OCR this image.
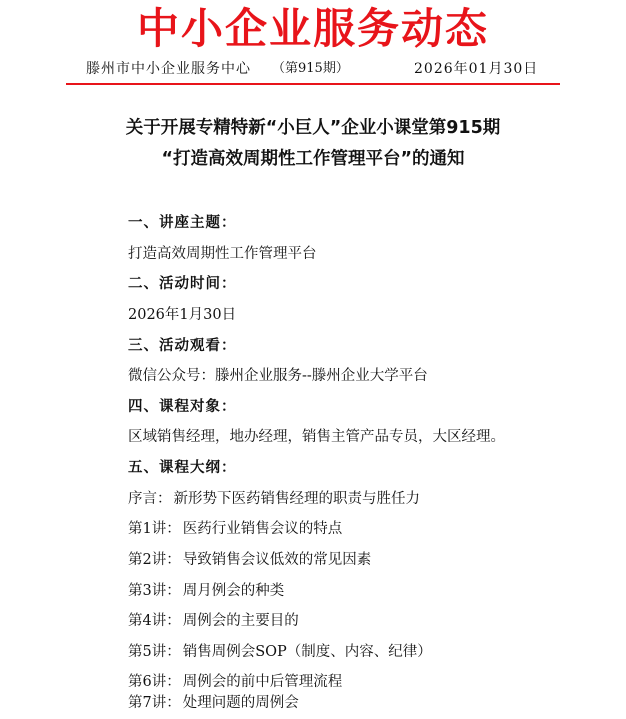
中小企业服务动态
滕州市中小企业服务中心 （第915期）	2026年01月30日
关于开展专精特新“小巨人”企业小课堂第915期
“打造高效周期性工作管理平台”的通知
一、讲座主题：
打造高效周期性工作管理平台
二、活动时间：
2026年1月30日
三、活动观看：
微信公众号：滕州企业服务--滕州企业大学平台
四、课程对象：
区域销售经理，地办经理，销售主管产品专员，大区经理。
五、课程大纲：
序言： 新形势下医药销售经理的职责与胜任力
第1讲： 医药行业销售会议的特点
第2讲： 导致销售会议低效的常见因素
第3讲： 周月例会的种类
第4讲： 周例会的主要目的
第5讲： 销售周例会SOP（制度、内容、纪律）
第6讲： 周例会的前中后管理流程
第7讲： 处理问题的周例会
